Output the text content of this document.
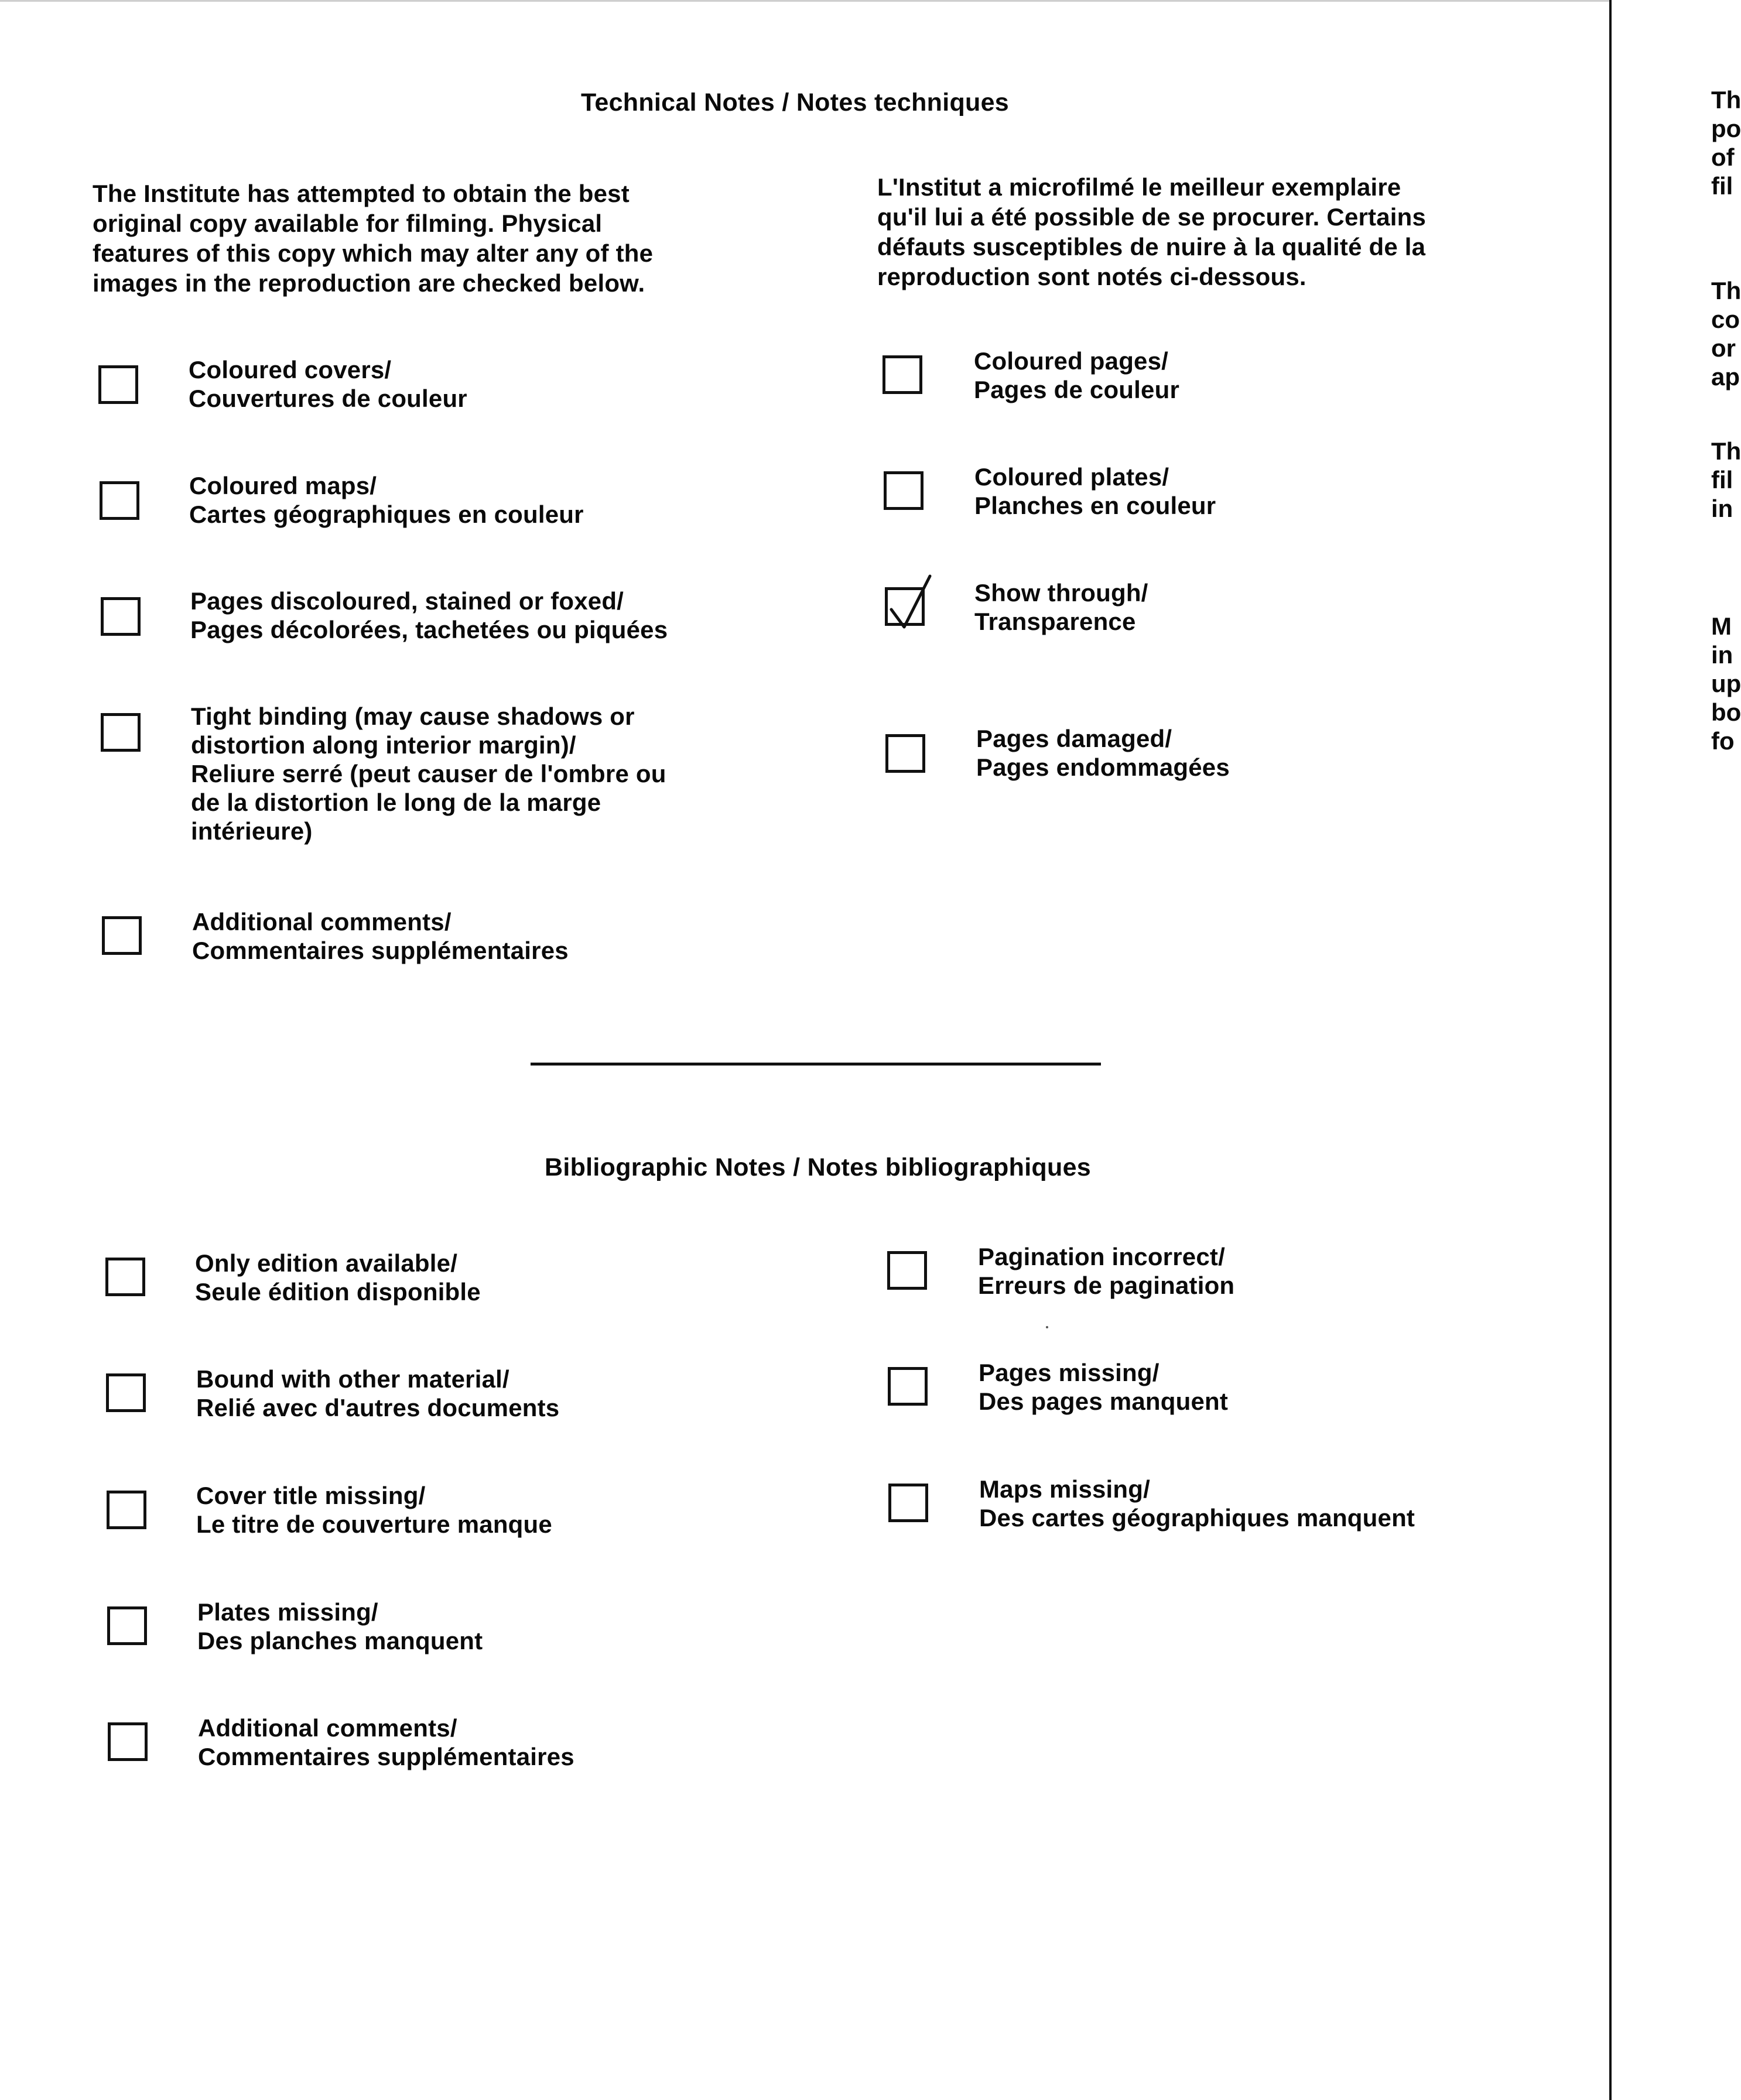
Technical Notes / Notes techniques
The Institute has attempted to obtain the best
original copy available for filming. Physical
features of this copy which may alter any of the
images in the reproduction are checked below.
L'Institut a microfilmé le meilleur exemplaire
qu'il lui a été possible de se procurer. Certains
défauts susceptibles de nuire à la qualité de la
reproduction sont notés ci-dessous.
Coloured covers/
Couvertures de couleur
Coloured maps/
Cartes géographiques en couleur
Pages discoloured, stained or foxed/
Pages décolorées, tachetées ou piquées
Tight binding (may cause shadows or
distortion along interior margin)/
Reliure serré (peut causer de l'ombre ou
de la distortion le long de la marge
intérieure)
Additional comments/
Commentaires supplémentaires
Coloured pages/
Pages de couleur
Coloured plates/
Planches en couleur
Show through/
Transparence
Pages damaged/
Pages endommagées
Bibliographic Notes / Notes bibliographiques
Only edition available/
Seule édition disponible
Bound with other material/
Relié avec d'autres documents
Cover title missing/
Le titre de couverture manque
Plates missing/
Des planches manquent
Additional comments/
Commentaires supplémentaires
Pagination incorrect/
Erreurs de pagination
Pages missing/
Des pages manquent
Maps missing/
Des cartes géographiques manquent
Th
po
of
fil
Th
co
or
ap
Th
fil
in
M
in
up
bo
fo
